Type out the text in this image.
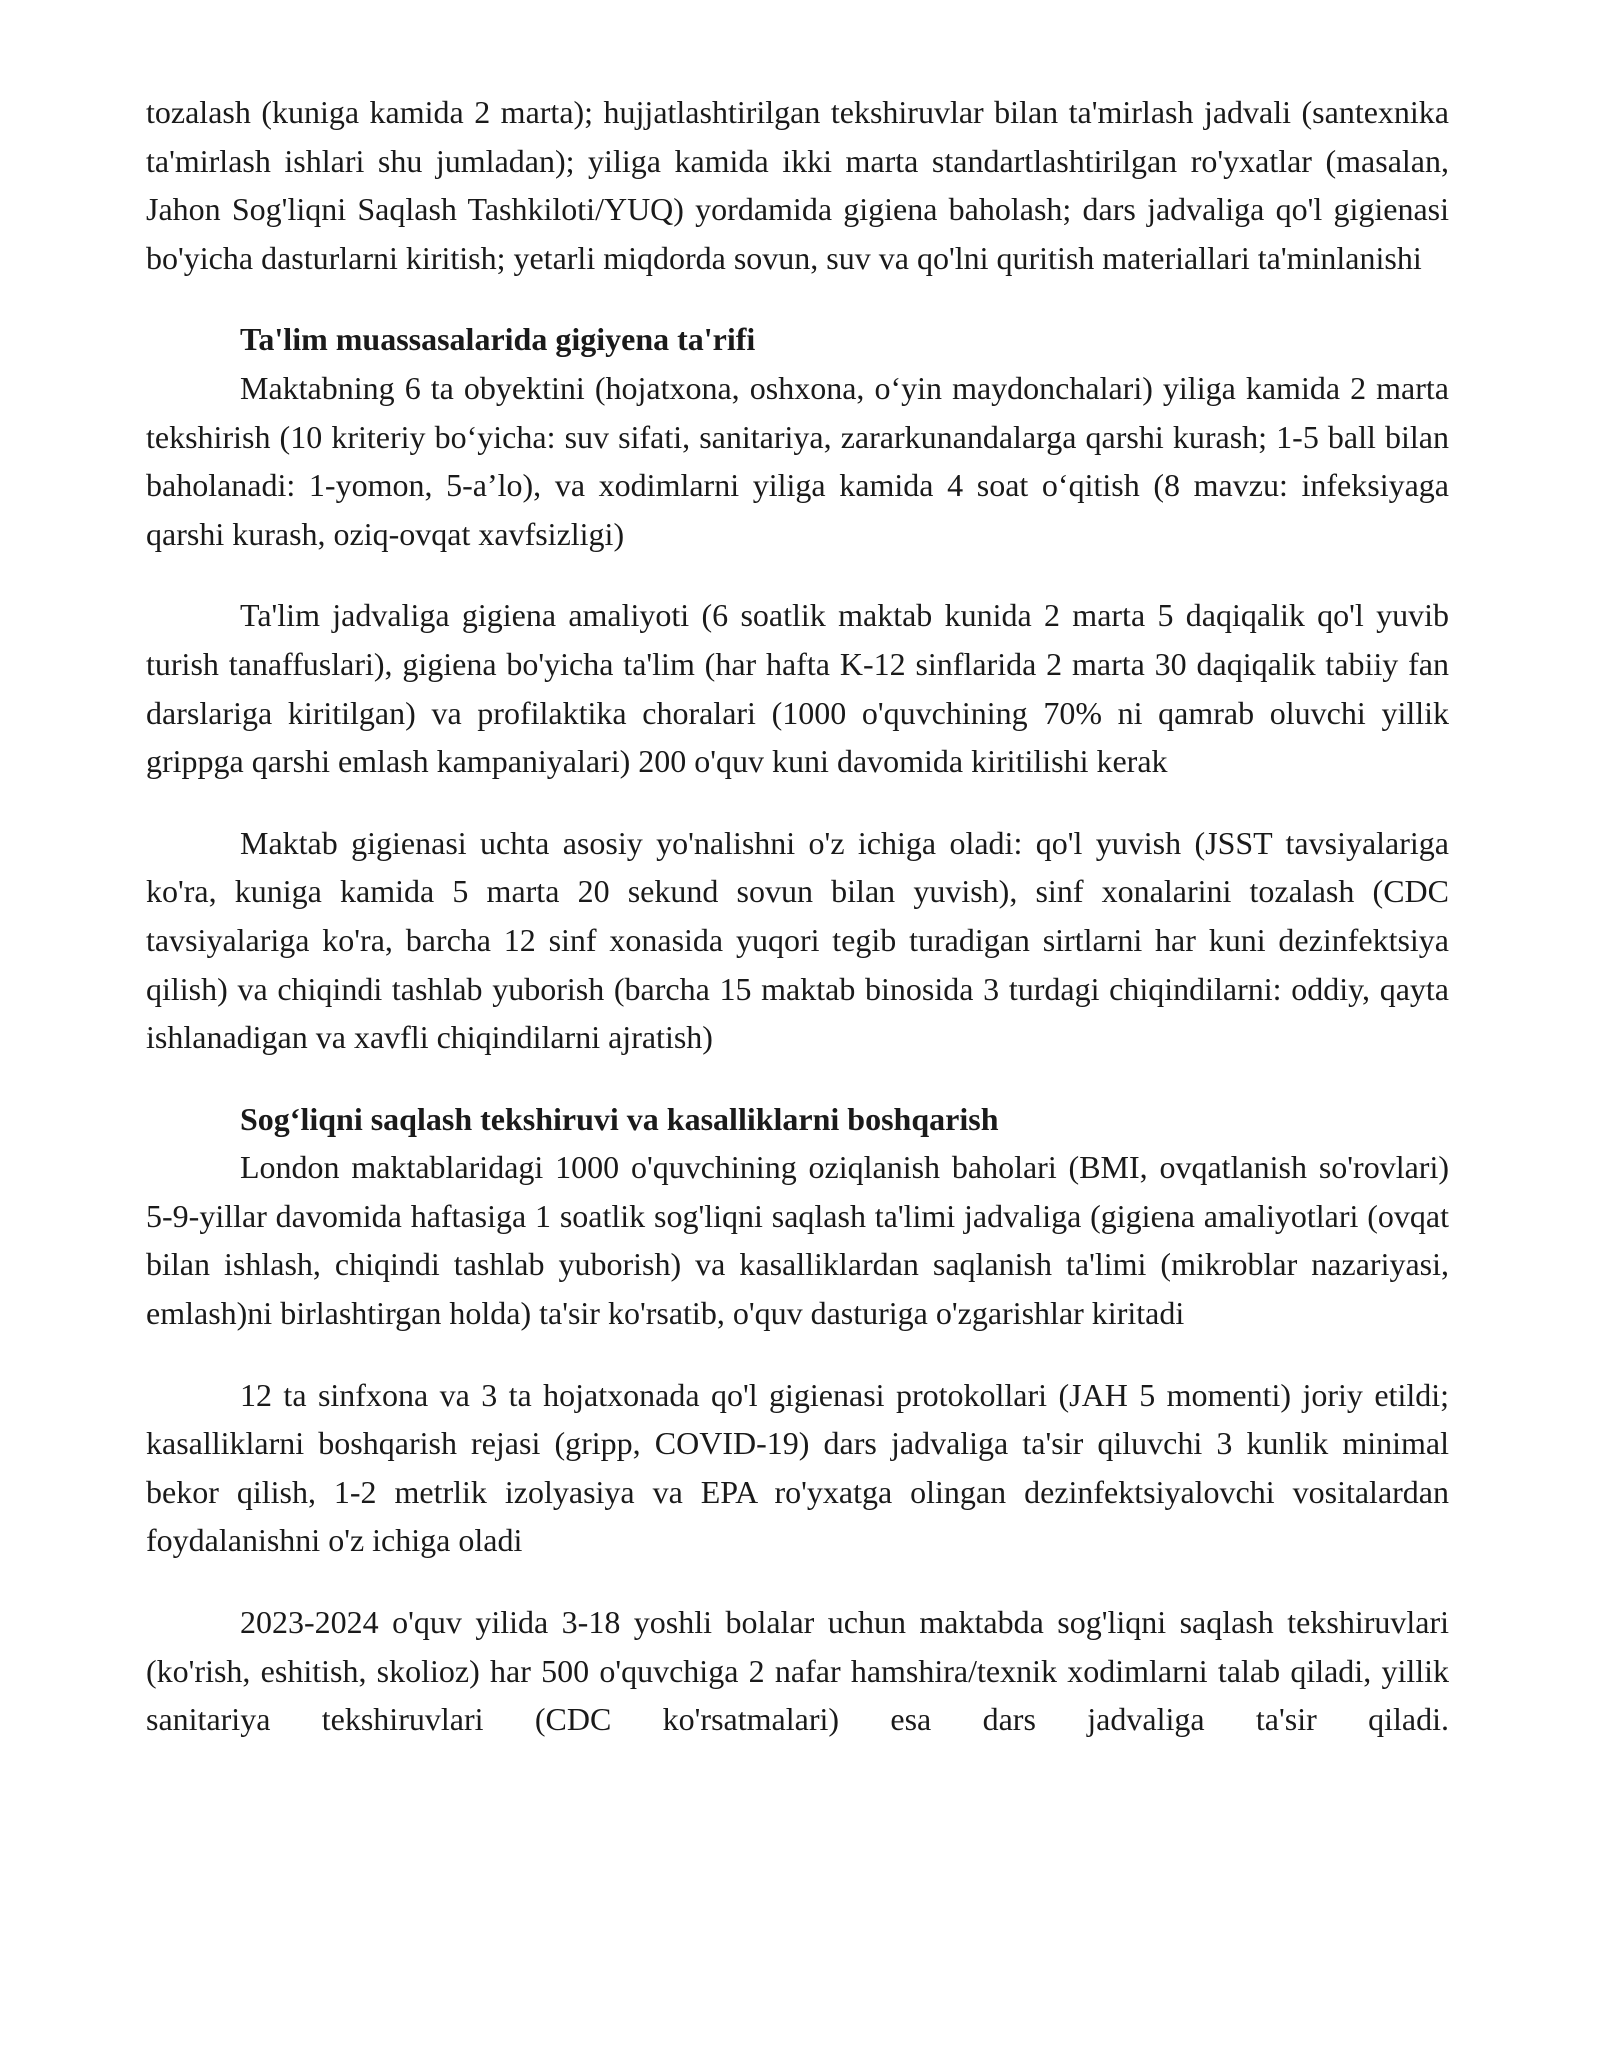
tozalash (kuniga kamida 2 marta); hujjatlashtirilgan tekshiruvlar bilan ta'mirlash jadvali (santexnika ta'mirlash ishlari shu jumladan); yiligа kamida ikki marta standartlashtirilgan ro'yxatlar (masalan, Jahon Sog'liqni Saqlash Tashkiloti/YUQ) yordamida gigiena baholash; dars jadvaliga qo'l gigienasi bo'yicha dasturlarni kiritish; yetarli miqdorda sovun, suv va qo'lni quritish materiallari ta'minlanishi

Ta'lim muassasalarida gigiyena ta'rifi

Maktabning 6 ta obyektini (hojatxona, oshxona, o‘yin maydonchalari) yiliga kamida 2 marta tekshirish (10 kriteriy bo‘yicha: suv sifati, sanitariya, zararkunandalarga qarshi kurash; 1-5 ball bilan baholanadi: 1-yomon, 5-a’lo), va xodimlarni yiliga kamida 4 soat o‘qitish (8 mavzu: infeksiyaga qarshi kurash, oziq-ovqat xavfsizligi)

Ta'lim jadvaliga gigiena amaliyoti (6 soatlik maktab kunida 2 marta 5 daqiqalik qo'l yuvib turish tanaffuslari), gigiena bo'yicha ta'lim (har hafta K-12 sinflarida 2 marta 30 daqiqalik tabiiy fan darslariga kiritilgan) va profilaktika choralari (1000 o'quvchining 70% ni qamrab oluvchi yillik grippga qarshi emlash kampaniyalari) 200 o'quv kuni davomida kiritilishi kerak

Maktab gigienasi uchta asosiy yo'nalishni o'z ichiga oladi: qo'l yuvish (JSST tavsiyalariga ko'ra, kuniga kamida 5 marta 20 sekund sovun bilan yuvish), sinf xonalarini tozalash (CDC tavsiyalariga ko'ra, barcha 12 sinf xonasida yuqori tegib turadigan sirtlarni har kuni dezinfektsiya qilish) va chiqindi tashlab yuborish (barcha 15 maktab binosida 3 turdagi chiqindilarni: oddiy, qayta ishlanadigan va xavfli chiqindilarni ajratish)

Sog‘liqni saqlash tekshiruvi va kasalliklarni boshqarish

London maktablaridagi 1000 o'quvchining oziqlanish baholari (BMI, ovqatlanish so'rovlari) 5-9-yillar davomida haftasiga 1 soatlik sog'liqni saqlash ta'limi jadvaliga (gigiena amaliyotlari (ovqat bilan ishlash, chiqindi tashlab yuborish) va kasalliklardan saqlanish ta'limi (mikroblar nazariyasi, emlash)ni birlashtirgan holda) ta'sir ko'rsatib, o'quv dasturiga o'zgarishlar kiritadi

12 ta sinfxona va 3 ta hojatxonada qo'l gigienasi protokollari (JAH 5 momenti) joriy etildi; kasalliklarni boshqarish rejasi (gripp, COVID-19) dars jadvaliga ta'sir qiluvchi 3 kunlik minimal bekor qilish, 1-2 metrlik izolyasiya va EPA ro'yxatga olingan dezinfektsiyalovchi vositalardan foydalanishni o'z ichiga oladi

2023-2024 o'quv yilida 3-18 yoshli bolalar uchun maktabda sog'liqni saqlash tekshiruvlari (ko'rish, eshitish, skolioz) har 500 o'quvchiga 2 nafar hamshira/texnik xodimlarni talab qiladi, yillik sanitariya tekshiruvlari (CDC ko'rsatmalari) esa dars jadvaliga ta'sir qiladi.
